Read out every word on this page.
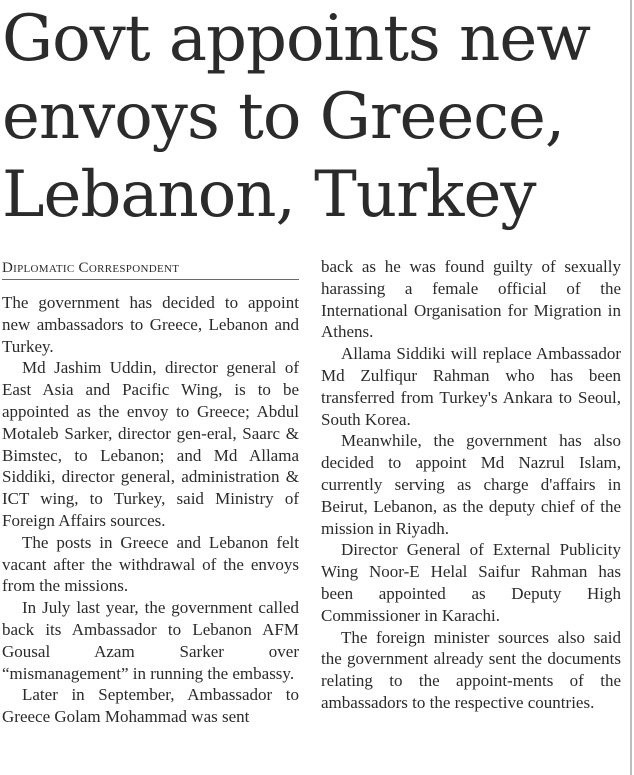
Govt appoints new
envoys to Greece,
Lebanon, Turkey
Diplomatic Correspondent

The government has decided to appoint new ambassadors to Greece, Lebanon and Turkey.

Md Jashim Uddin, director general of East Asia and Pacific Wing, is to be appointed as the envoy to Greece; Abdul Motaleb Sarker, director gen-eral, Saarc & Bimstec, to Lebanon; and Md Allama Siddiki, director general, administration & ICT wing, to Turkey, said Ministry of Foreign Affairs sources.

The posts in Greece and Lebanon felt vacant after the withdrawal of the envoys from the missions.

In July last year, the government called back its Ambassador to Lebanon AFM Gousal Azam Sarker over “mismanagement” in running the embassy.

Later in September, Ambassador to Greece Golam Mohammad was sent

back as he was found guilty of sexually harassing a female official of the International Organisation for Migration in Athens.

Allama Siddiki will replace Ambassador Md Zulfiqur Rahman who has been transferred from Turkey's Ankara to Seoul, South Korea.

Meanwhile, the government has also decided to appoint Md Nazrul Islam, currently serving as charge d'affairs in Beirut, Lebanon, as the deputy chief of the mission in Riyadh.

Director General of External Publicity Wing Noor-E Helal Saifur Rahman has been appointed as Deputy High Commissioner in Karachi.

The foreign minister sources also said the government already sent the documents relating to the appoint-ments of the ambassadors to the respective countries.
